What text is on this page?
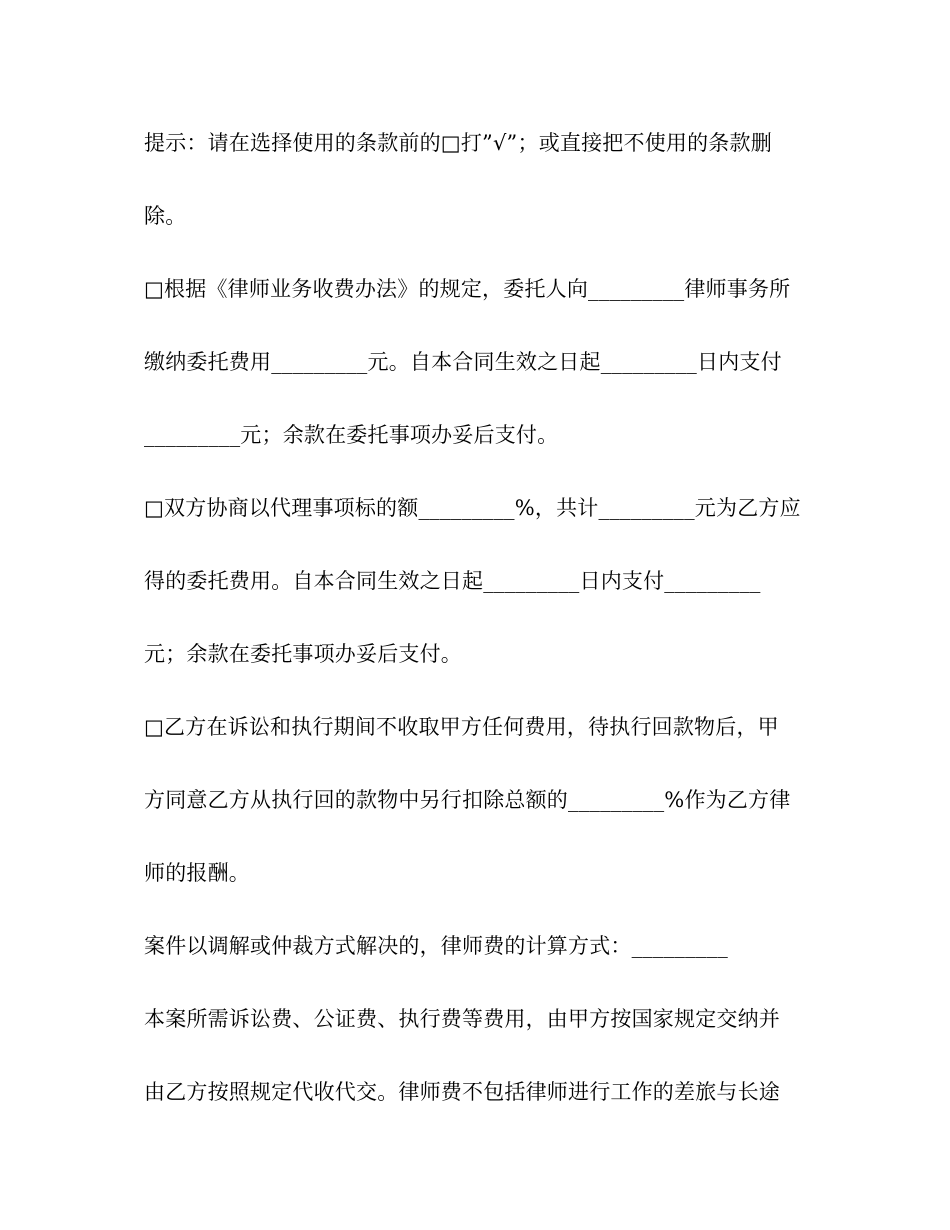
提示：请在选择使用的条款前的□打”√”；或直接把不使用的条款删
除。
□根据《律师业务收费办法》的规定，委托人向_________律师事务所
缴纳委托费用_________元。自本合同生效之日起_________日内支付
_________元；余款在委托事项办妥后支付。
□双方协商以代理事项标的额_________%，共计_________元为乙方应
得的委托费用。自本合同生效之日起_________日内支付_________
元；余款在委托事项办妥后支付。
□乙方在诉讼和执行期间不收取甲方任何费用，待执行回款物后，甲
方同意乙方从执行回的款物中另行扣除总额的_________%作为乙方律
师的报酬。
案件以调解或仲裁方式解决的，律师费的计算方式：_________
本案所需诉讼费、公证费、执行费等费用，由甲方按国家规定交纳并
由乙方按照规定代收代交。律师费不包括律师进行工作的差旅与长途
